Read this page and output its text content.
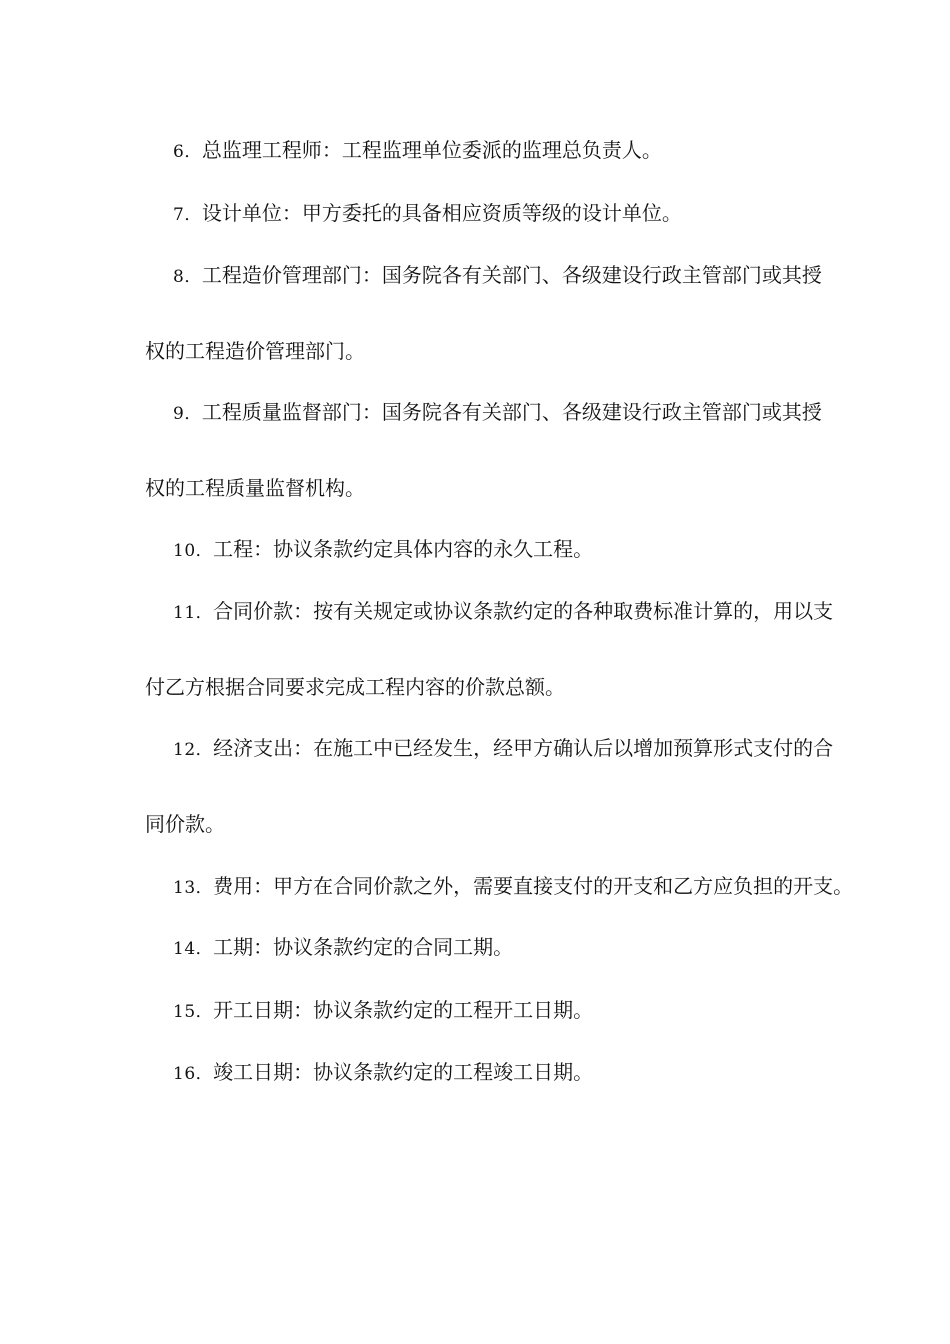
6．总监理工程师：工程监理单位委派的监理总负责人。
7．设计单位：甲方委托的具备相应资质等级的设计单位。
8．工程造价管理部门：国务院各有关部门、各级建设行政主管部门或其授
权的工程造价管理部门。
9．工程质量监督部门：国务院各有关部门、各级建设行政主管部门或其授
权的工程质量监督机构。
10．工程：协议条款约定具体内容的永久工程。
11．合同价款：按有关规定或协议条款约定的各种取费标准计算的，用以支
付乙方根据合同要求完成工程内容的价款总额。
12．经济支出：在施工中已经发生，经甲方确认后以增加预算形式支付的合
同价款。
13．费用：甲方在合同价款之外，需要直接支付的开支和乙方应负担的开支。
14．工期：协议条款约定的合同工期。
15．开工日期：协议条款约定的工程开工日期。
16．竣工日期：协议条款约定的工程竣工日期。
